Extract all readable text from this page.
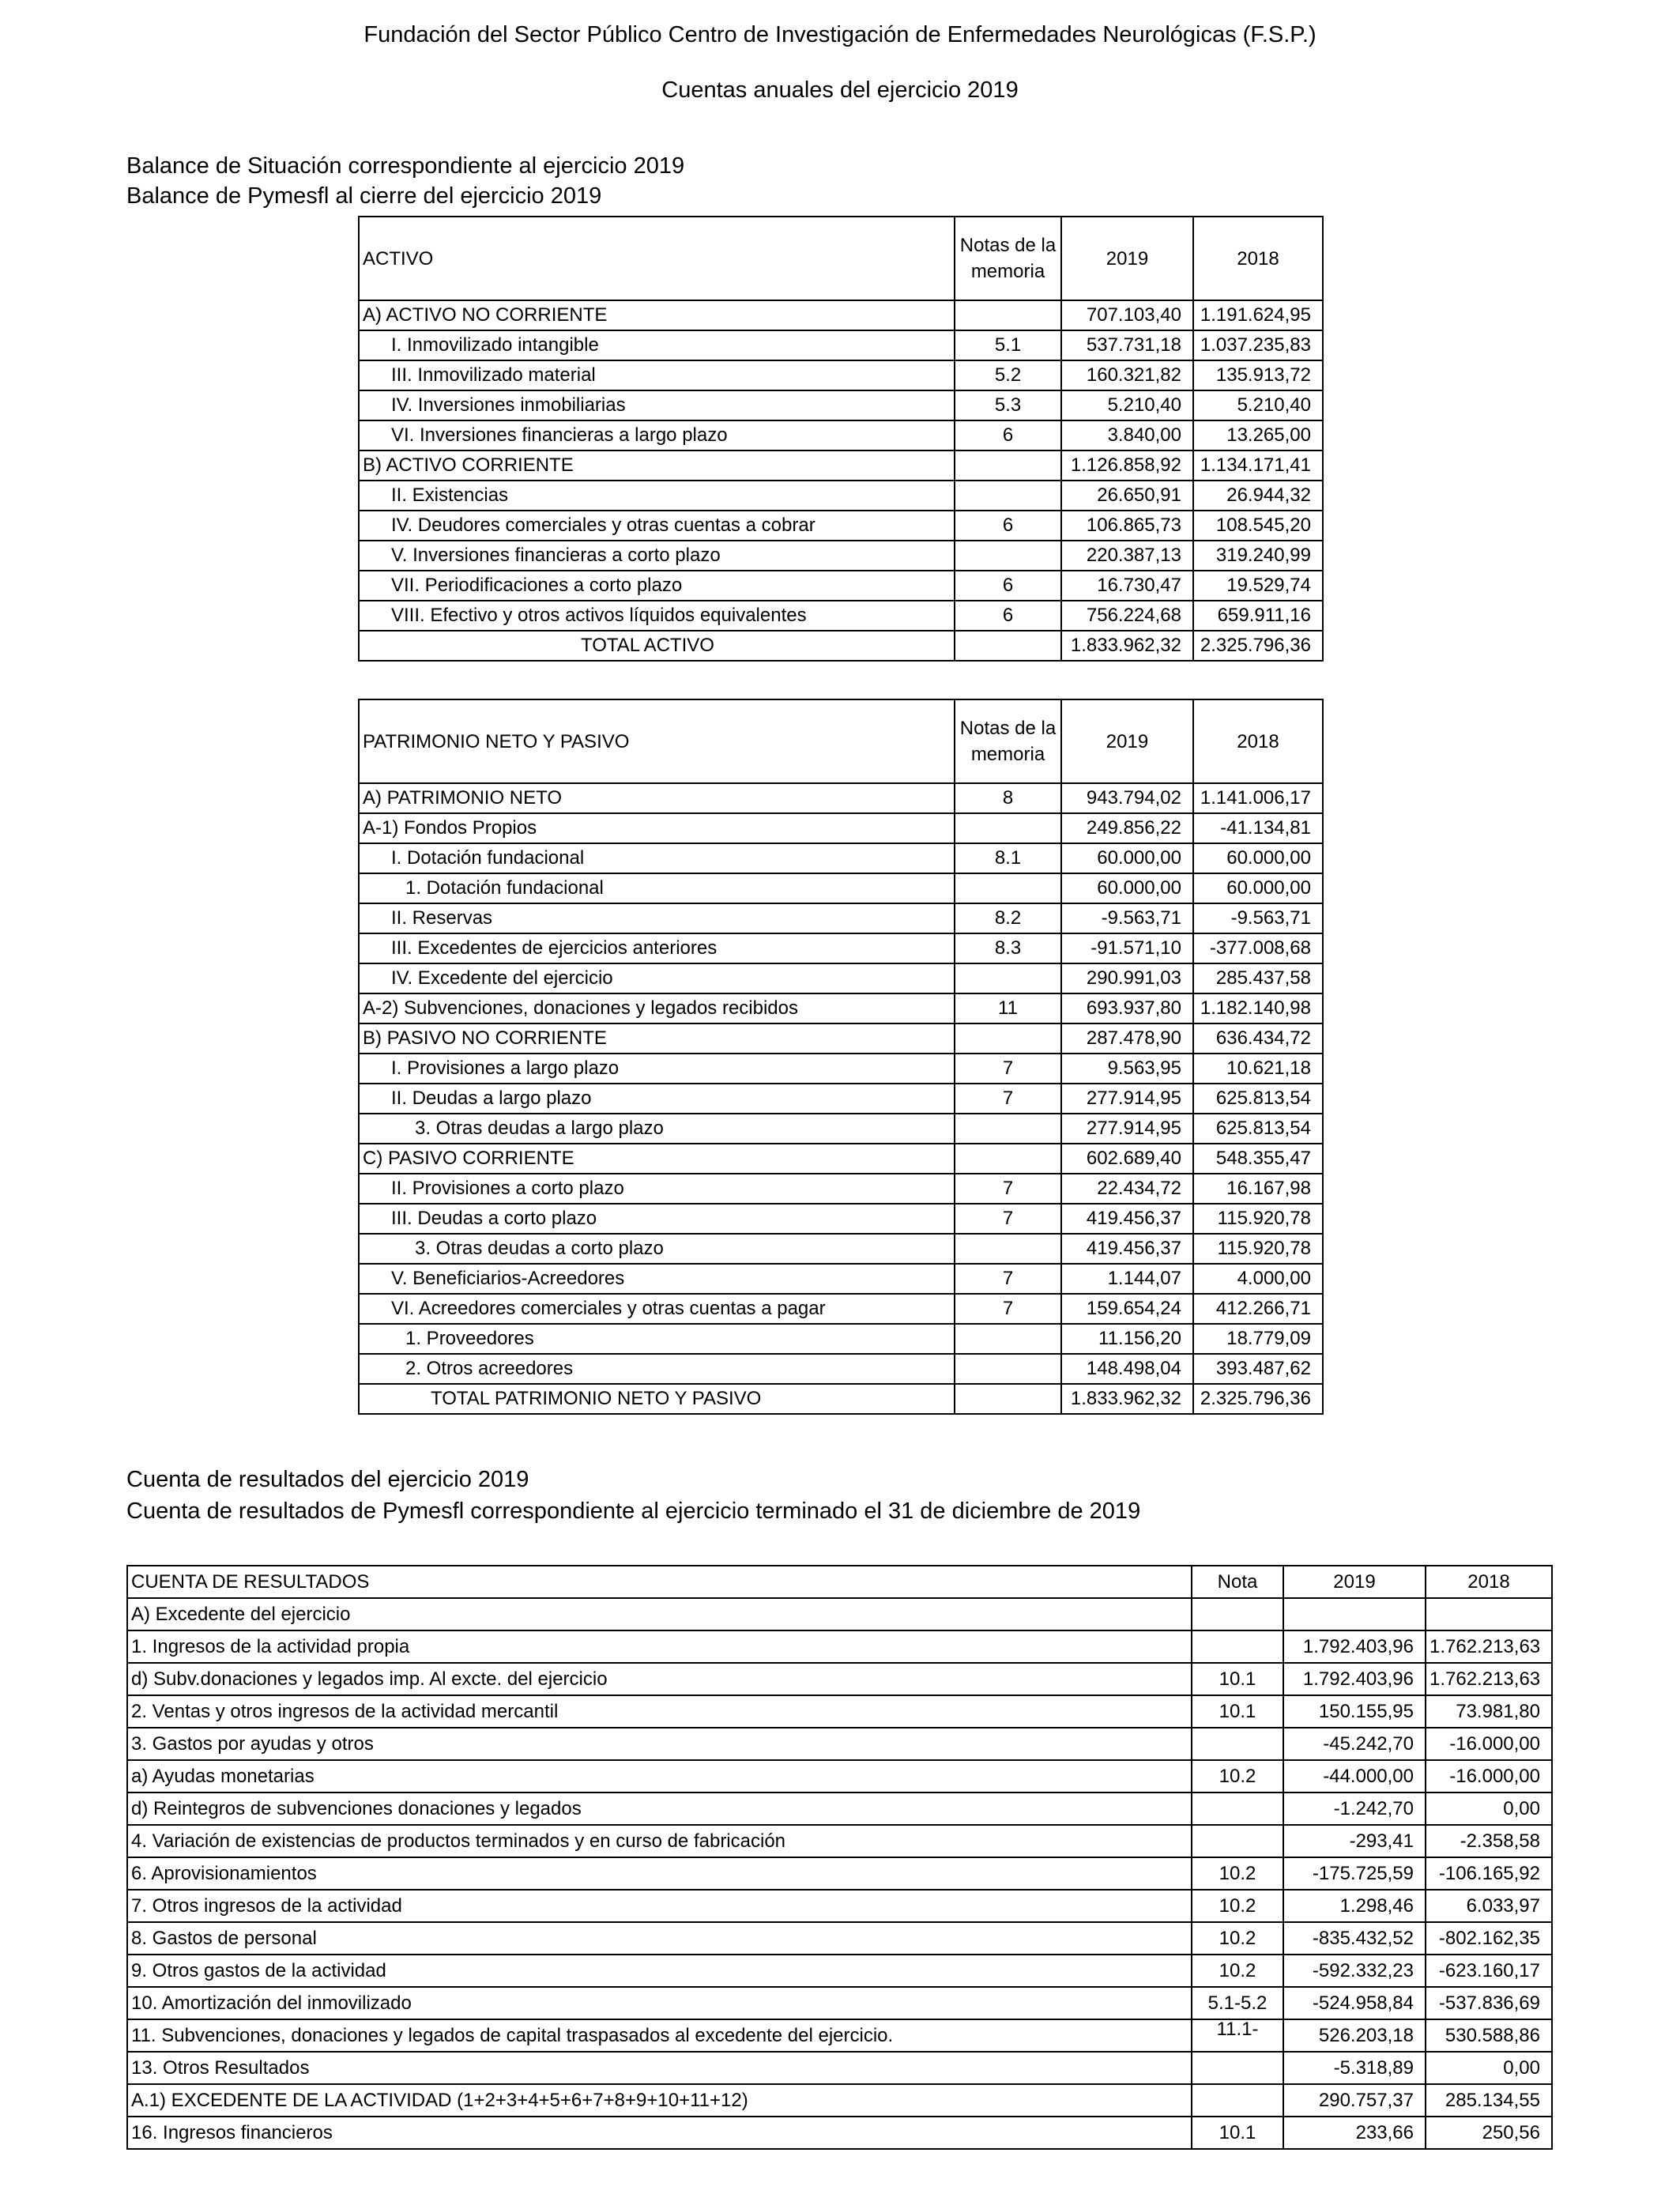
Fundación del Sector Público Centro de Investigación de Enfermedades Neurológicas (F.S.P.)
Cuentas anuales del ejercicio 2019
Balance de Situación correspondiente al ejercicio 2019
Balance de Pymesfl al cierre del ejercicio 2019
ACTIVO	Notas de la memoria	2019	2018
A) ACTIVO NO CORRIENTE		707.103,40	1.191.624,95
I. Inmovilizado intangible	5.1	537.731,18	1.037.235,83
III. Inmovilizado material	5.2	160.321,82	135.913,72
IV. Inversiones inmobiliarias	5.3	5.210,40	5.210,40
VI. Inversiones financieras a largo plazo	6	3.840,00	13.265,00
B) ACTIVO CORRIENTE		1.126.858,92	1.134.171,41
II. Existencias		26.650,91	26.944,32
IV. Deudores comerciales y otras cuentas a cobrar	6	106.865,73	108.545,20
V. Inversiones financieras a corto plazo		220.387,13	319.240,99
VII. Periodificaciones a corto plazo	6	16.730,47	19.529,74
VIII. Efectivo y otros activos líquidos equivalentes	6	756.224,68	659.911,16
TOTAL ACTIVO		1.833.962,32	2.325.796,36
PATRIMONIO NETO Y PASIVO	Notas de la memoria	2019	2018
A) PATRIMONIO NETO	8	943.794,02	1.141.006,17
A-1) Fondos Propios		249.856,22	-41.134,81
I. Dotación fundacional	8.1	60.000,00	60.000,00
1. Dotación fundacional		60.000,00	60.000,00
II. Reservas	8.2	-9.563,71	-9.563,71
III. Excedentes de ejercicios anteriores	8.3	-91.571,10	-377.008,68
IV. Excedente del ejercicio		290.991,03	285.437,58
A-2) Subvenciones, donaciones y legados recibidos	11	693.937,80	1.182.140,98
B) PASIVO NO CORRIENTE		287.478,90	636.434,72
I. Provisiones a largo plazo	7	9.563,95	10.621,18
II. Deudas a largo plazo	7	277.914,95	625.813,54
3. Otras deudas a largo plazo		277.914,95	625.813,54
C) PASIVO CORRIENTE		602.689,40	548.355,47
II. Provisiones a corto plazo	7	22.434,72	16.167,98
III. Deudas a corto plazo	7	419.456,37	115.920,78
3. Otras deudas a corto plazo		419.456,37	115.920,78
V. Beneficiarios-Acreedores	7	1.144,07	4.000,00
VI. Acreedores comerciales y otras cuentas a pagar	7	159.654,24	412.266,71
1. Proveedores		11.156,20	18.779,09
2. Otros acreedores		148.498,04	393.487,62
TOTAL PATRIMONIO NETO Y PASIVO		1.833.962,32	2.325.796,36
Cuenta de resultados del ejercicio 2019
Cuenta de resultados de Pymesfl correspondiente al ejercicio terminado el 31 de diciembre de 2019
CUENTA DE RESULTADOS	Nota	2019	2018
A) Excedente del ejercicio			
1. Ingresos de la actividad propia		1.792.403,96	1.762.213,63
d) Subv.donaciones y legados imp. Al excte. del ejercicio	10.1	1.792.403,96	1.762.213,63
2. Ventas y otros ingresos de la actividad mercantil	10.1	150.155,95	73.981,80
3. Gastos por ayudas y otros		-45.242,70	-16.000,00
a) Ayudas monetarias	10.2	-44.000,00	-16.000,00
d) Reintegros de subvenciones donaciones y legados		-1.242,70	0,00
4. Variación de existencias de productos terminados y en curso de fabricación		-293,41	-2.358,58
6. Aprovisionamientos	10.2	-175.725,59	-106.165,92
7. Otros ingresos de la actividad	10.2	1.298,46	6.033,97
8. Gastos de personal	10.2	-835.432,52	-802.162,35
9. Otros gastos de la actividad	10.2	-592.332,23	-623.160,17
10. Amortización del inmovilizado	5.1-5.2	-524.958,84	-537.836,69
11. Subvenciones, donaciones y legados de capital traspasados al excedente del ejercicio.	11.1-	526.203,18	530.588,86
13. Otros Resultados		-5.318,89	0,00
A.1) EXCEDENTE DE LA ACTIVIDAD (1+2+3+4+5+6+7+8+9+10+11+12)		290.757,37	285.134,55
16. Ingresos financieros	10.1	233,66	250,56
